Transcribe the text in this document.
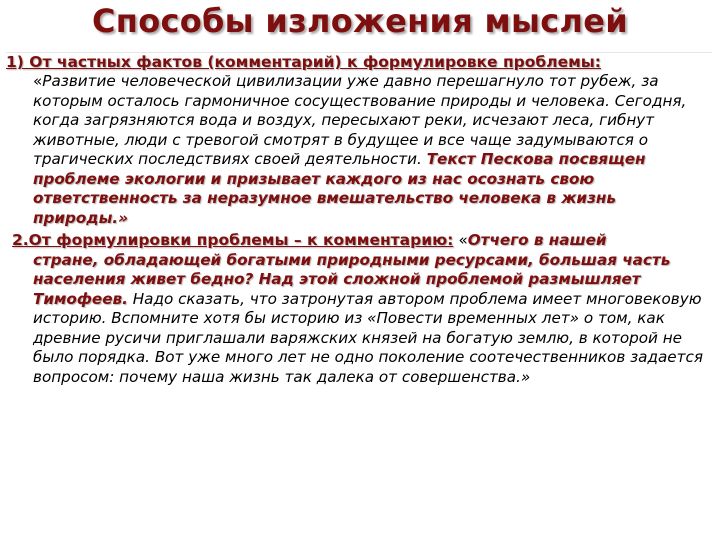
Способы изложения мыслей
1) От частных фактов (комментарий) к формулировке проблемы:

«Развитие человеческой цивилизации уже давно перешагнуло тот рубеж, за которым осталось гармоничное сосуществование природы и человека. Сегодня, когда загрязняются вода и воздух, пересыхают реки, исчезают леса, гибнут животные, люди с тревогой смотрят в будущее и все чаще задумываются о трагических последствиях своей деятельности. Текст Пескова посвящен проблеме экологии и призывает каждого из нас осознать свою ответственность за неразумное вмешательство человека в жизнь природы.»

2.От формулировки проблемы – к комментарию: «Отчего в нашей

стране, обладающей богатыми природными ресурсами, большая часть населения живет бедно? Над этой сложной проблемой размышляет Тимофеев. Надо сказать, что затронутая автором проблема имеет многовековую историю. Вспомните хотя бы историю из «Повести временных лет» о том, как древние русичи приглашали варяжских князей на богатую землю, в которой не было порядка. Вот уже много лет не одно поколение соотечественников задается вопросом: почему наша жизнь так далека от совершенства.»
